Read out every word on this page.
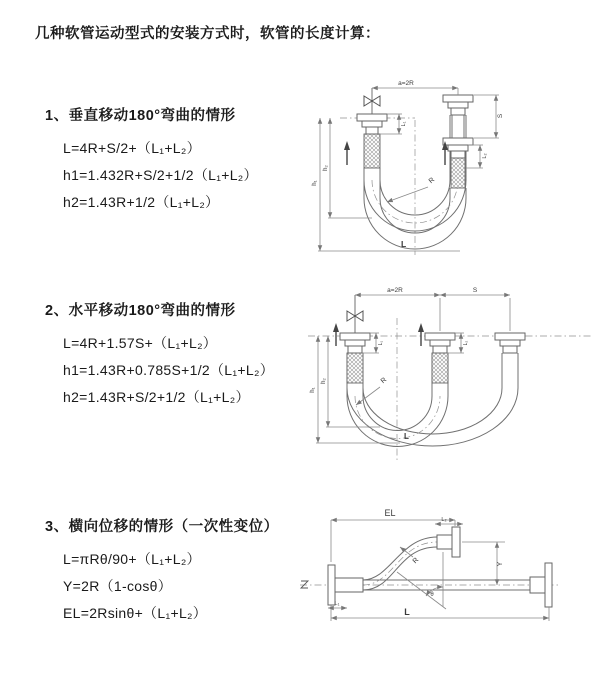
几种软管运动型式的安装方式时，软管的长度计算：

1、垂直移动180°弯曲的情形

L=4R+S/2+（L₁+L₂）

h1=1.432R+S/2+1/2（L₁+L₂）

h2=1.43R+1/2（L₁+L₂）

2、水平移动180°弯曲的情形

L=4R+1.57S+（L₁+L₂）

h1=1.43R+0.785S+1/2（L₁+L₂）

h2=1.43R+S/2+1/2（L₁+L₂）

3、横向位移的情形（一次性变位）

L=πRθ/90+（L₁+L₂）

Y=2R（1-cosθ）

EL=2Rsinθ+（L₁+L₂）

a=2R
S
L₁
L₂
h₁
h₂
R
L
a=2R	S
L₁	L₂
h₁
h₂	R
L
θ
EL
L₂
Y
R
L
L₁
